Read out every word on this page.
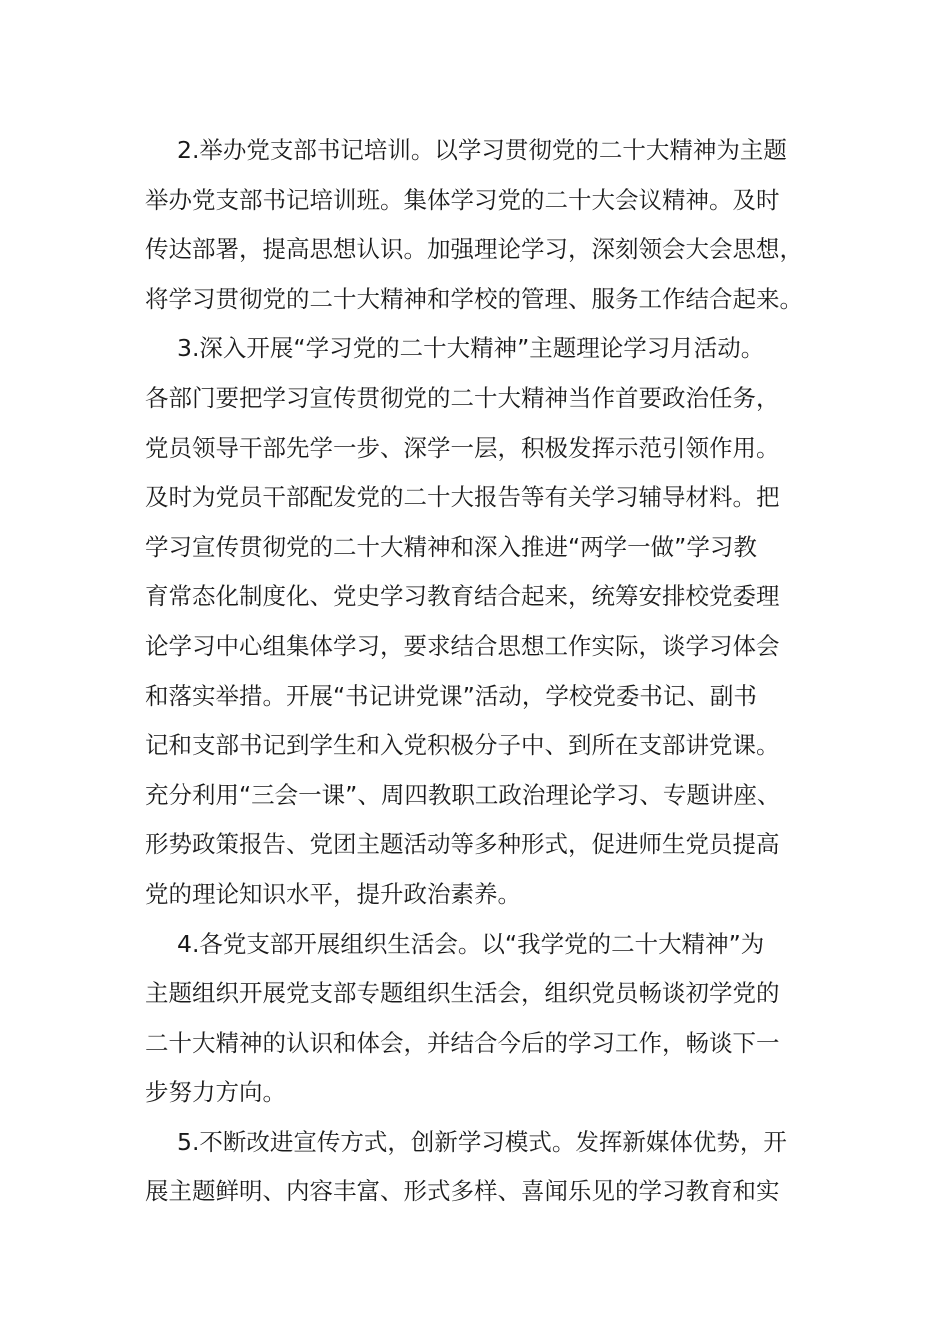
2.举办党支部书记培训。以学习贯彻党的二十大精神为主题
举办党支部书记培训班。集体学习党的二十大会议精神。及时
传达部署，提高思想认识。加强理论学习，深刻领会大会思想，
将学习贯彻党的二十大精神和学校的管理、服务工作结合起来。
3.深入开展“学习党的二十大精神”主题理论学习月活动。
各部门要把学习宣传贯彻党的二十大精神当作首要政治任务，
党员领导干部先学一步、深学一层，积极发挥示范引领作用。
及时为党员干部配发党的二十大报告等有关学习辅导材料。把
学习宣传贯彻党的二十大精神和深入推进“两学一做”学习教
育常态化制度化、党史学习教育结合起来，统筹安排校党委理
论学习中心组集体学习，要求结合思想工作实际，谈学习体会
和落实举措。开展“书记讲党课”活动，学校党委书记、副书
记和支部书记到学生和入党积极分子中、到所在支部讲党课。
充分利用“三会一课”、周四教职工政治理论学习、专题讲座、
形势政策报告、党团主题活动等多种形式，促进师生党员提高
党的理论知识水平，提升政治素养。
4.各党支部开展组织生活会。以“我学党的二十大精神”为
主题组织开展党支部专题组织生活会，组织党员畅谈初学党的
二十大精神的认识和体会，并结合今后的学习工作，畅谈下一
步努力方向。
5.不断改进宣传方式，创新学习模式。发挥新媒体优势，开
展主题鲜明、内容丰富、形式多样、喜闻乐见的学习教育和实
